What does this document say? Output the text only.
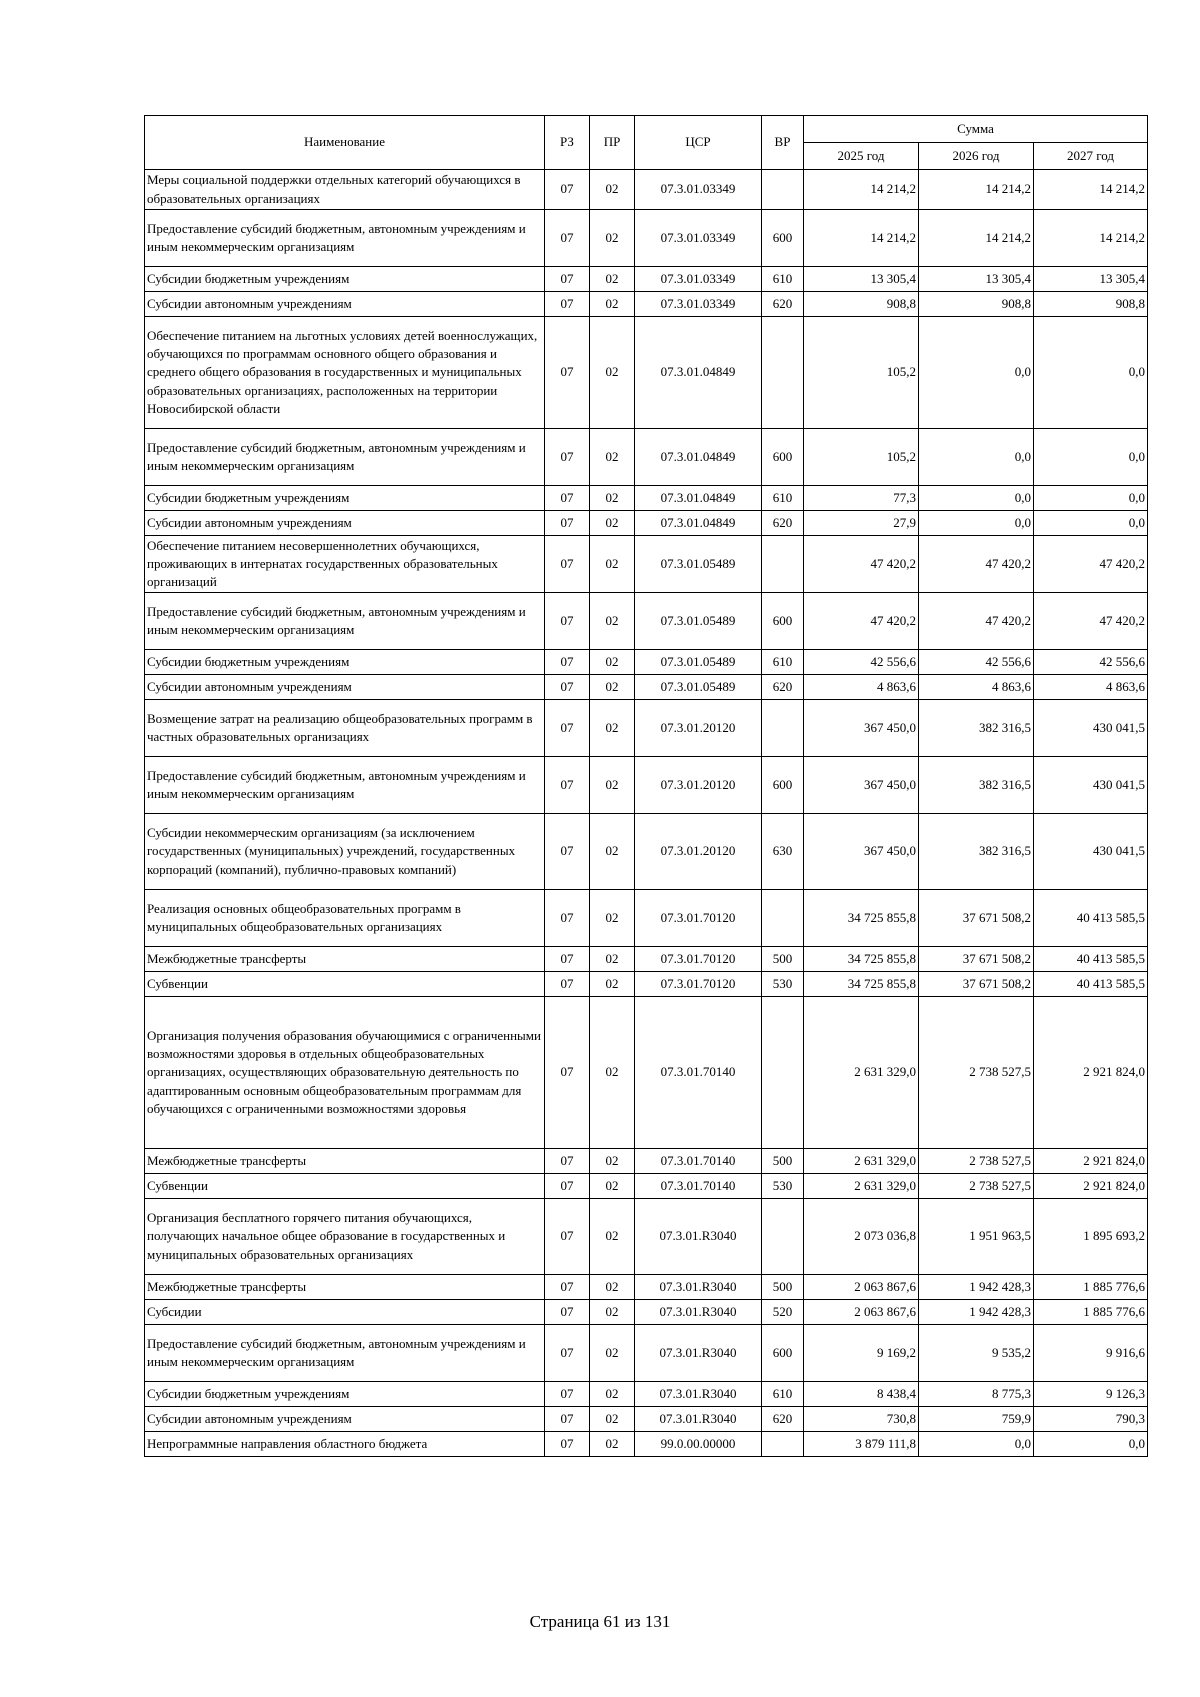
Наименование	РЗ	ПР	ЦСР	ВР	Сумма		
					2025 год	2026 год	2027 год
Меры социальной поддержки отдельных категорий обучающихся в образовательных организациях	07	02	07.3.01.03349		14 214,2	14 214,2	14 214,2
Предоставление субсидий бюджетным, автономным учреждениям и иным некоммерческим организациям	07	02	07.3.01.03349	600	14 214,2	14 214,2	14 214,2
Субсидии бюджетным учреждениям	07	02	07.3.01.03349	610	13 305,4	13 305,4	13 305,4
Субсидии автономным учреждениям	07	02	07.3.01.03349	620	908,8	908,8	908,8
Обеспечение питанием на льготных условиях детей военнослужащих, обучающихся по программам основного общего образования и среднего общего образования в государственных и муниципальных образовательных организациях, расположенных на территории Новосибирской области	07	02	07.3.01.04849		105,2	0,0	0,0
Предоставление субсидий бюджетным, автономным учреждениям и иным некоммерческим организациям	07	02	07.3.01.04849	600	105,2	0,0	0,0
Субсидии бюджетным учреждениям	07	02	07.3.01.04849	610	77,3	0,0	0,0
Субсидии автономным учреждениям	07	02	07.3.01.04849	620	27,9	0,0	0,0
Обеспечение питанием несовершеннолетних обучающихся, проживающих в интернатах государственных образовательных организаций	07	02	07.3.01.05489		47 420,2	47 420,2	47 420,2
Предоставление субсидий бюджетным, автономным учреждениям и иным некоммерческим организациям	07	02	07.3.01.05489	600	47 420,2	47 420,2	47 420,2
Субсидии бюджетным учреждениям	07	02	07.3.01.05489	610	42 556,6	42 556,6	42 556,6
Субсидии автономным учреждениям	07	02	07.3.01.05489	620	4 863,6	4 863,6	4 863,6
Возмещение затрат на реализацию общеобразовательных программ в частных образовательных организациях	07	02	07.3.01.20120		367 450,0	382 316,5	430 041,5
Предоставление субсидий бюджетным, автономным учреждениям и иным некоммерческим организациям	07	02	07.3.01.20120	600	367 450,0	382 316,5	430 041,5
Субсидии некоммерческим организациям (за исключением государственных (муниципальных) учреждений, государственных корпораций (компаний), публично-правовых компаний)	07	02	07.3.01.20120	630	367 450,0	382 316,5	430 041,5
Реализация основных общеобразовательных программ в муниципальных общеобразовательных организациях	07	02	07.3.01.70120		34 725 855,8	37 671 508,2	40 413 585,5
Межбюджетные трансферты	07	02	07.3.01.70120	500	34 725 855,8	37 671 508,2	40 413 585,5
Субвенции	07	02	07.3.01.70120	530	34 725 855,8	37 671 508,2	40 413 585,5
Организация получения образования обучающимися с ограниченными возможностями здоровья в отдельных общеобразовательных организациях, осуществляющих образовательную деятельность по адаптированным основным общеобразовательным программам для обучающихся с ограниченными возможностями здоровья	07	02	07.3.01.70140		2 631 329,0	2 738 527,5	2 921 824,0
Межбюджетные трансферты	07	02	07.3.01.70140	500	2 631 329,0	2 738 527,5	2 921 824,0
Субвенции	07	02	07.3.01.70140	530	2 631 329,0	2 738 527,5	2 921 824,0
Организация бесплатного горячего питания обучающихся, получающих начальное общее образование в государственных и муниципальных образовательных организациях	07	02	07.3.01.R3040		2 073 036,8	1 951 963,5	1 895 693,2
Межбюджетные трансферты	07	02	07.3.01.R3040	500	2 063 867,6	1 942 428,3	1 885 776,6
Субсидии	07	02	07.3.01.R3040	520	2 063 867,6	1 942 428,3	1 885 776,6
Предоставление субсидий бюджетным, автономным учреждениям и иным некоммерческим организациям	07	02	07.3.01.R3040	600	9 169,2	9 535,2	9 916,6
Субсидии бюджетным учреждениям	07	02	07.3.01.R3040	610	8 438,4	8 775,3	9 126,3
Субсидии автономным учреждениям	07	02	07.3.01.R3040	620	730,8	759,9	790,3
Непрограммные направления областного бюджета	07	02	99.0.00.00000		3 879 111,8	0,0	0,0
Страница 61 из 131
